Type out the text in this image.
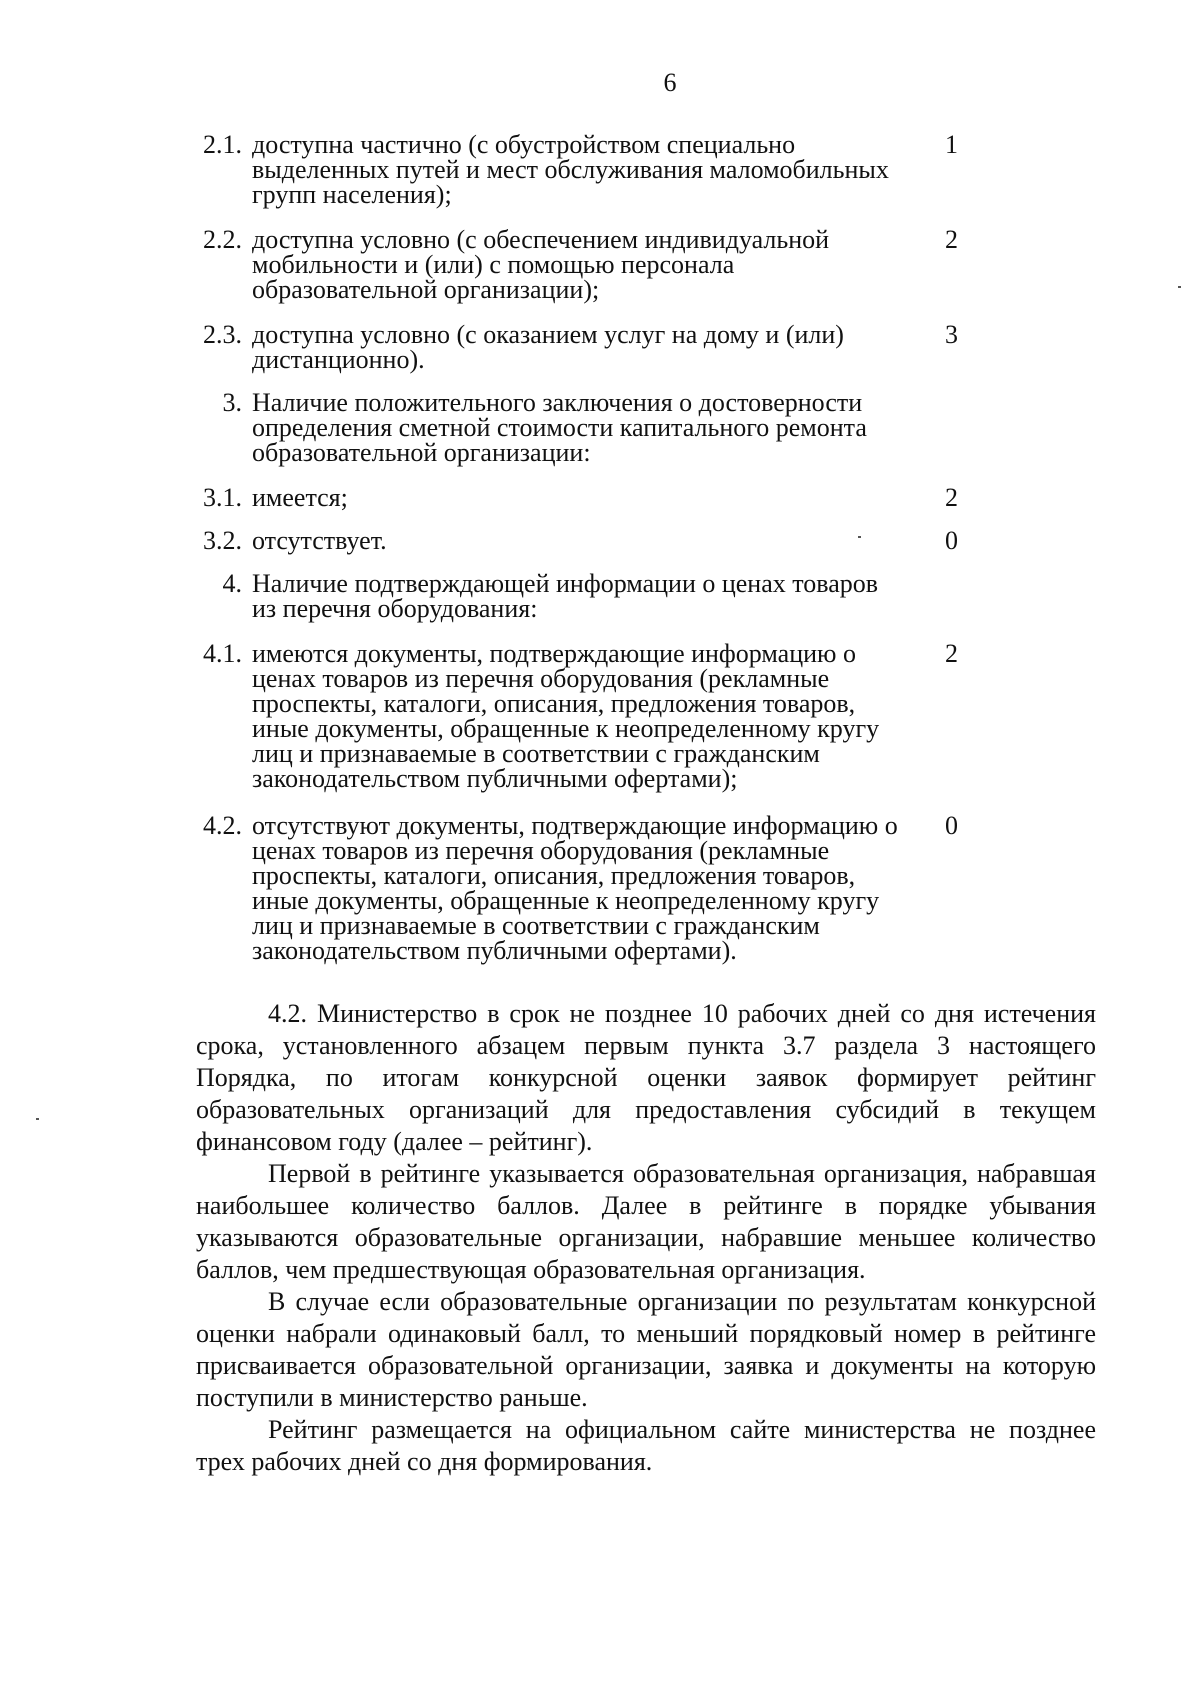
6
2.1. доступна частично (с обустройством специально выделенных путей и мест обслуживания маломобильных групп населения);
1
2.2. доступна условно (с обеспечением индивидуальной мобильности и (или) с помощью персонала образовательной организации);
2
2.3. доступна условно (с оказанием услуг на дому и (или) дистанционно).
3
3. Наличие положительного заключения о достоверности определения сметной стоимости капитального ремонта образовательной организации:
3.1. имеется;	2
3.2. отсутствует.	0
4. Наличие подтверждающей информации о ценах товаров из перечня оборудования:
4.1. имеются документы, подтверждающие информацию о ценах товаров из перечня оборудования (рекламные проспекты, каталоги, описания, предложения товаров, иные документы, обращенные к неопределенному кругу лиц и признаваемые в соответствии с гражданским законодательством публичными офертами);
2
4.2. отсутствуют документы, подтверждающие информацию о ценах товаров из перечня оборудования (рекламные проспекты, каталоги, описания, предложения товаров, иные документы, обращенные к неопределенному кругу лиц и признаваемые в соответствии с гражданским законодательством публичными офертами).
0

4.2. Министерство в срок не позднее 10 рабочих дней со дня истечения срока, установленного абзацем первым пункта 3.7 раздела 3 настоящего Порядка, по итогам конкурсной оценки заявок формирует рейтинг образовательных организаций для предоставления субсидий в текущем финансовом году (далее – рейтинг).

Первой в рейтинге указывается образовательная организация, набравшая наибольшее количество баллов. Далее в рейтинге в порядке убывания указываются образовательные организации, набравшие меньшее количество баллов, чем предшествующая образовательная организация.

В случае если образовательные организации по результатам конкурсной оценки набрали одинаковый балл, то меньший порядковый номер в рейтинге присваивается образовательной организации, заявка и документы на которую поступили в министерство раньше.

Рейтинг размещается на официальном сайте министерства не позднее трех рабочих дней со дня формирования.
